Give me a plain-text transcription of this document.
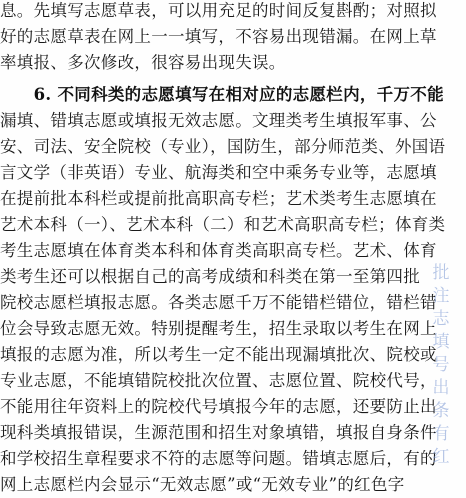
息。先填写志愿草表，可以用充足的时间反复斟酌；对照拟
好的志愿草表在网上一一填写，不容易出现错漏。在网上草
率填报、多次修改，很容易出现失误。
　　6. 不同科类的志愿填写在相对应的志愿栏内，千万不能
漏填、错填志愿或填报无效志愿。文理类考生填报军事、公
安、司法、安全院校（专业），国防生，部分师范类、外国语
言文学（非英语）专业、航海类和空中乘务专业等，志愿填
在提前批本科栏或提前批高职高专栏；艺术类考生志愿填在
艺术本科（一）、艺术本科（二）和艺术高职高专栏；体育类
考生志愿填在体育类本科和体育类高职高专栏。艺术、体育
类考生还可以根据自己的高考成绩和科类在第一至第四批
院校志愿栏填报志愿。各类志愿千万不能错栏错位，错栏错
位会导致志愿无效。特别提醒考生，招生录取以考生在网上
填报的志愿为准，所以考生一定不能出现漏填批次、院校或
专业志愿，不能填错院校批次位置、志愿位置、院校代号，
不能用往年资料上的院校代号填报今年的志愿，还要防止出
现科类填报错误，生源范围和招生对象填错，填报自身条件
和学校招生章程要求不符的志愿等问题。错填志愿后，有的
网上志愿栏内会显示“无效志愿”或“无效专业”的红色字
批
注
志
填
号
出
条
有
红
